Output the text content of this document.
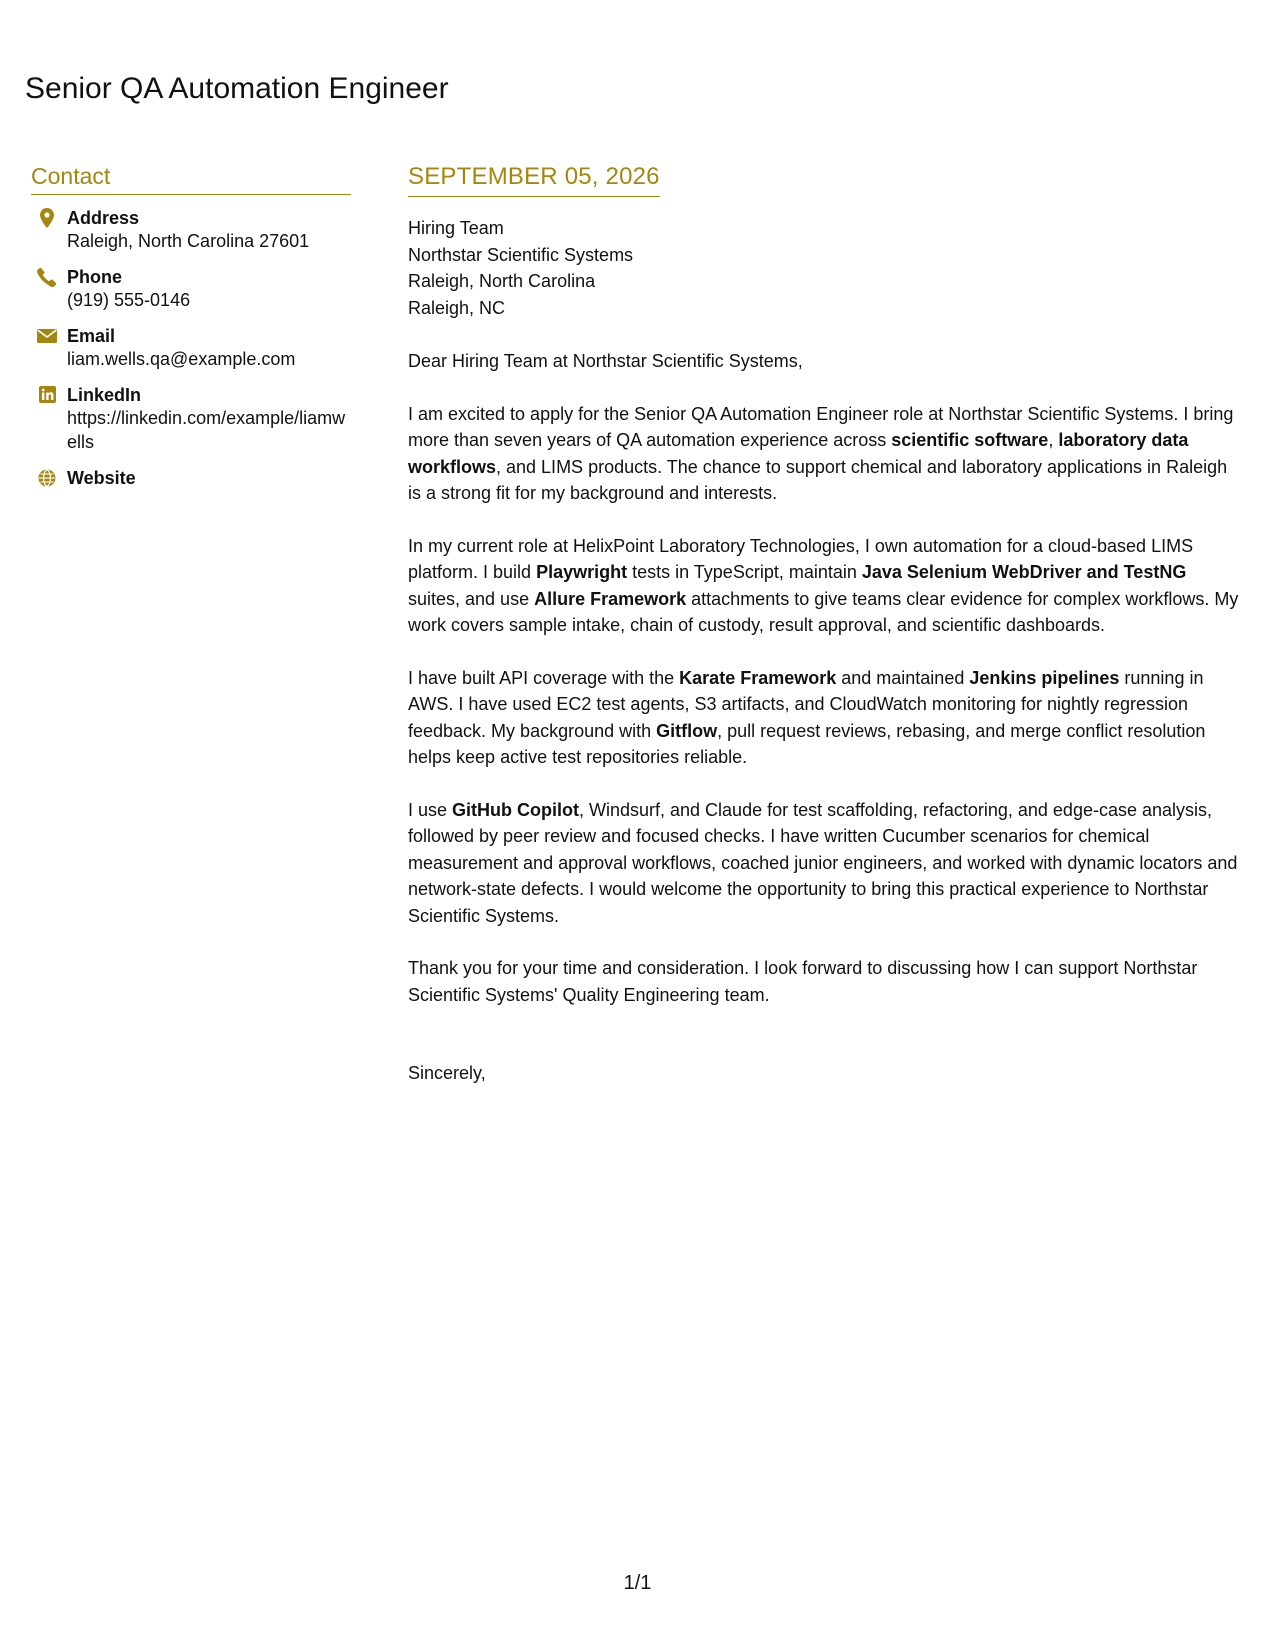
Senior QA Automation Engineer
Contact
Address
Raleigh, North Carolina 27601
Phone
(919) 555-0146
Email
liam.wells.qa@example.com
LinkedIn
https://linkedin.com/example/liamwells
Website
SEPTEMBER 05, 2026
Hiring Team
Northstar Scientific Systems
Raleigh, North Carolina
Raleigh, NC
Dear Hiring Team at Northstar Scientific Systems,

I am excited to apply for the Senior QA Automation Engineer role at Northstar Scientific Systems. I bring more than seven years of QA automation experience across scientific software, laboratory data workflows, and LIMS products. The chance to support chemical and laboratory applications in Raleigh is a strong fit for my background and interests.

In my current role at HelixPoint Laboratory Technologies, I own automation for a cloud-based LIMS platform. I build Playwright tests in TypeScript, maintain Java Selenium WebDriver and TestNG suites, and use Allure Framework attachments to give teams clear evidence for complex workflows. My work covers sample intake, chain of custody, result approval, and scientific dashboards.

I have built API coverage with the Karate Framework and maintained Jenkins pipelines running in AWS. I have used EC2 test agents, S3 artifacts, and CloudWatch monitoring for nightly regression feedback. My background with Gitflow, pull request reviews, rebasing, and merge conflict resolution helps keep active test repositories reliable.

I use GitHub Copilot, Windsurf, and Claude for test scaffolding, refactoring, and edge-case analysis, followed by peer review and focused checks. I have written Cucumber scenarios for chemical measurement and approval workflows, coached junior engineers, and worked with dynamic locators and network-state defects. I would welcome the opportunity to bring this practical experience to Northstar Scientific Systems.

Thank you for your time and consideration. I look forward to discussing how I can support Northstar Scientific Systems' Quality Engineering team.

Sincerely,
1/1
